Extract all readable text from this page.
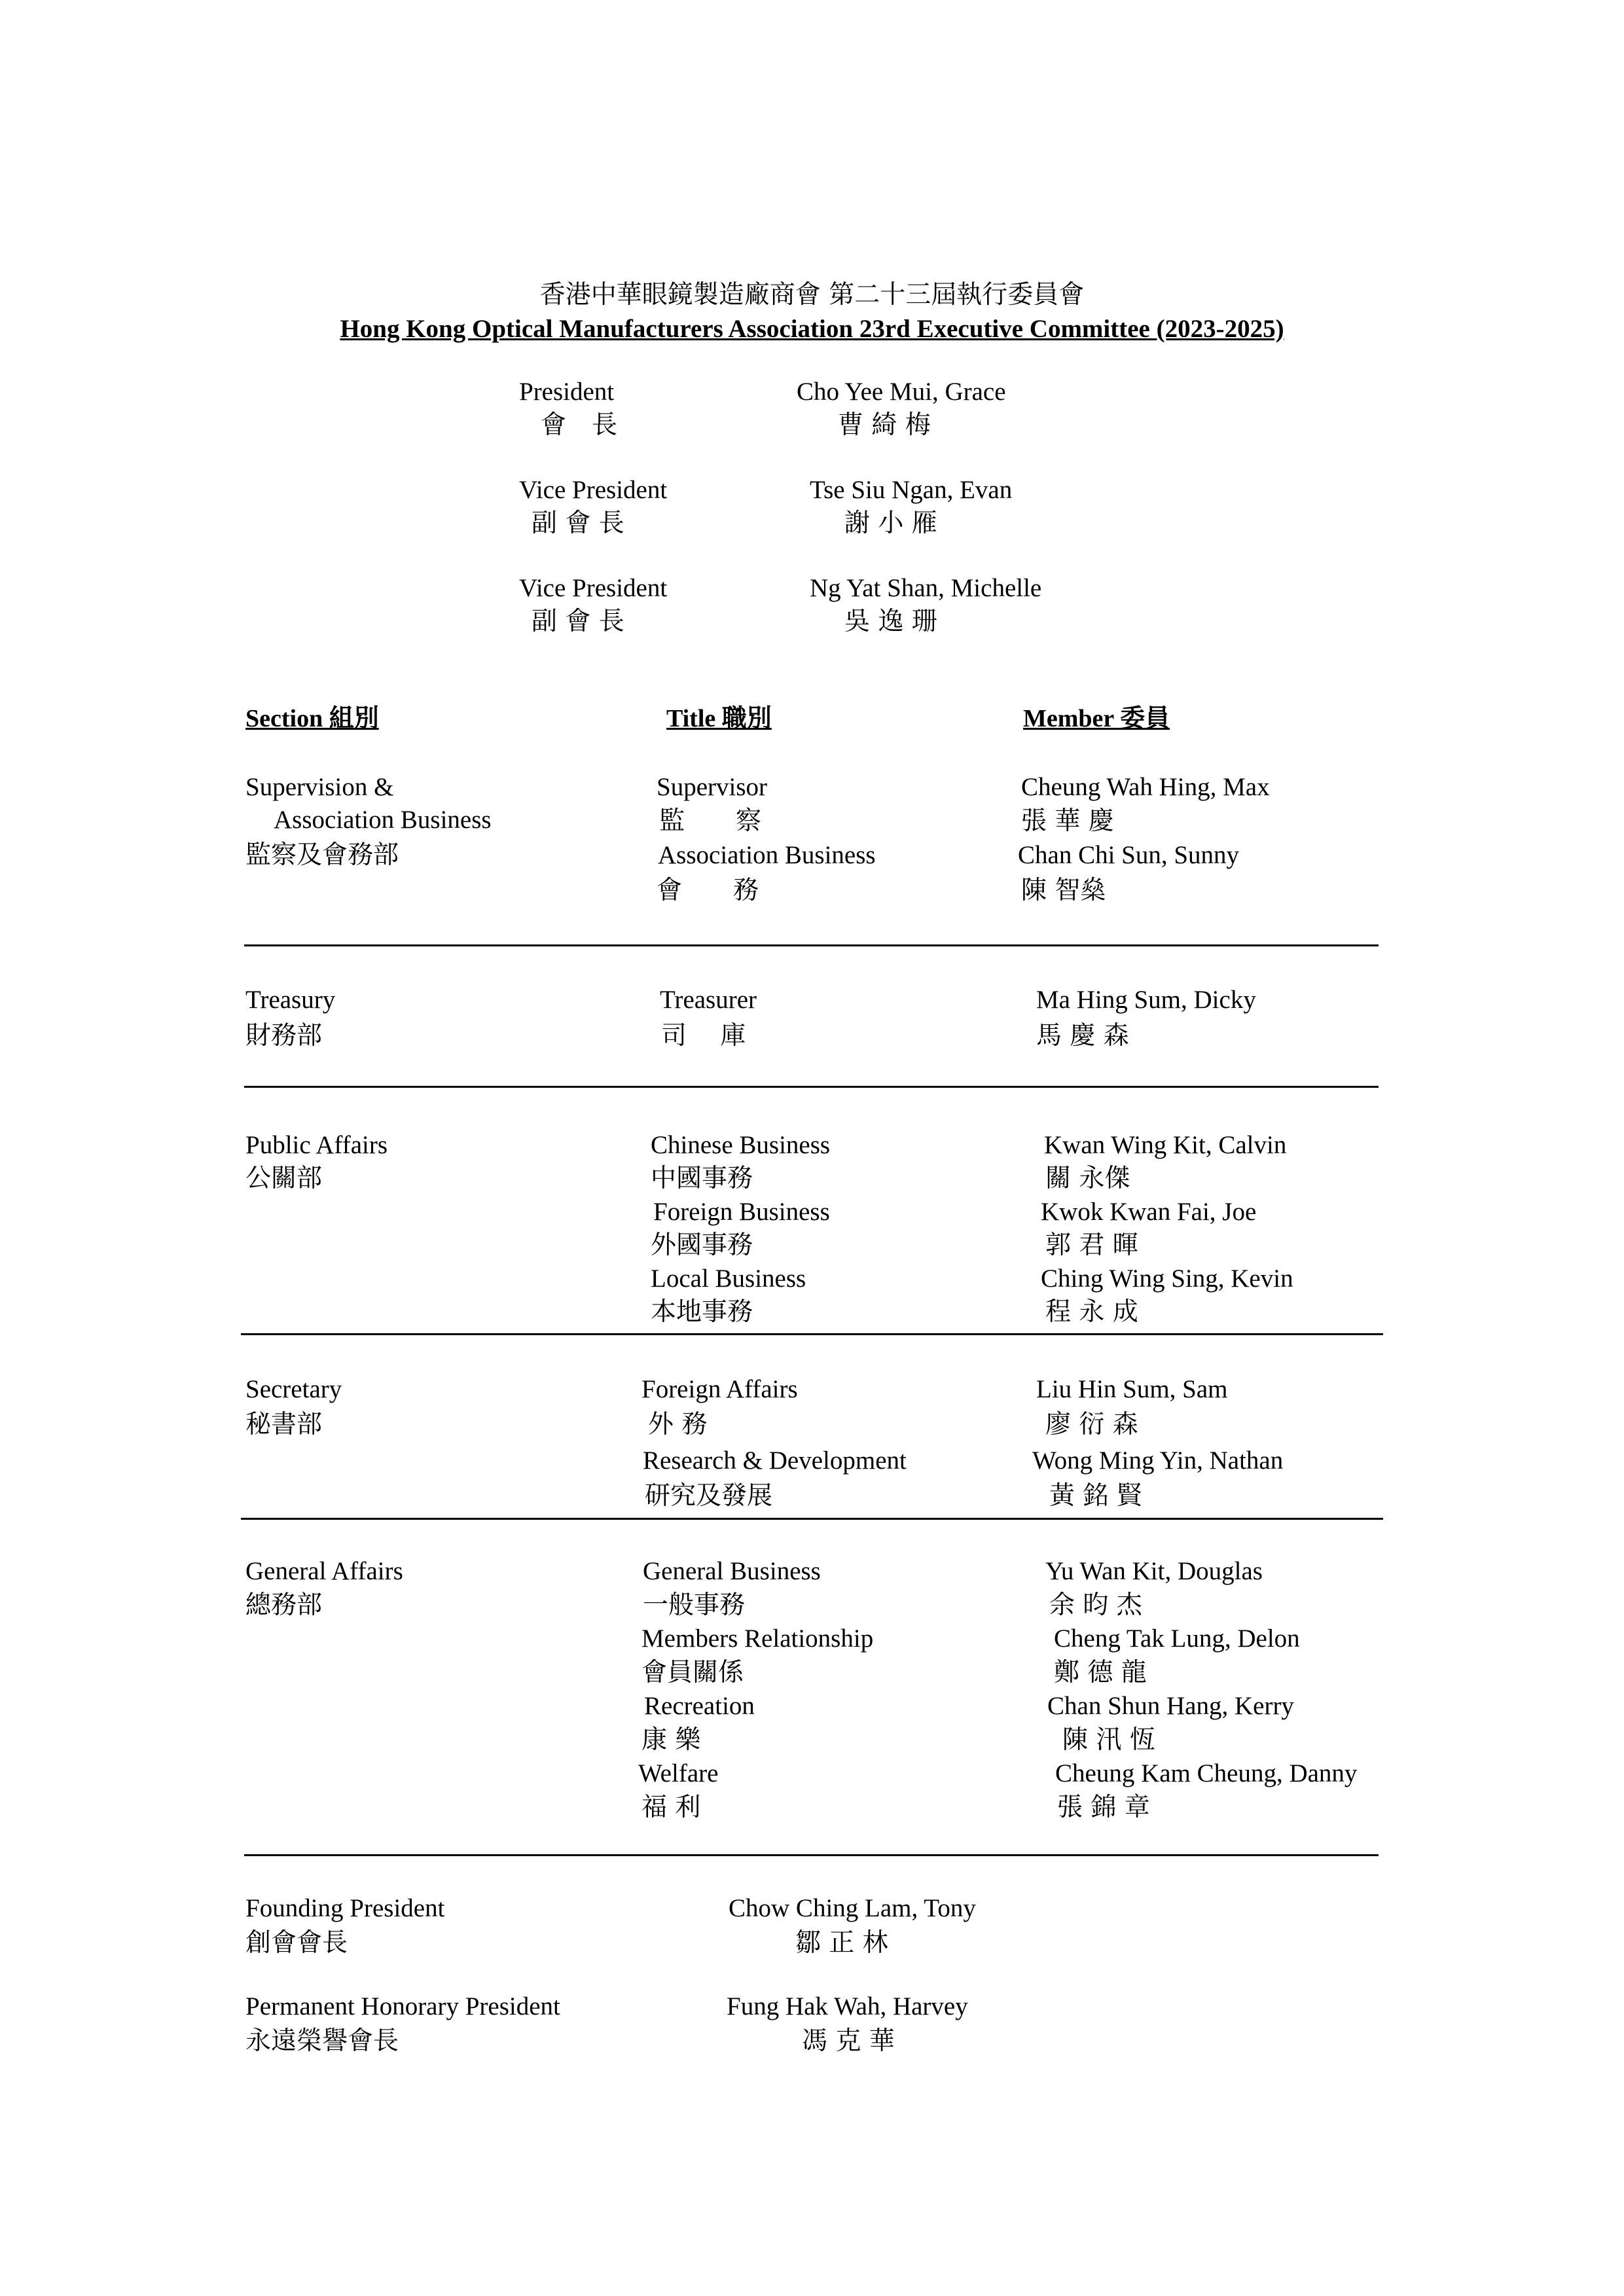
香港中華眼鏡製造廠商會 第二十三屆執行委員會
Hong Kong Optical Manufacturers Association 23rd Executive Committee (2023-2025)
President
會　長
Cho Yee Mui, Grace
曹 綺 梅
Vice President
副 會 長
Tse Siu Ngan, Evan
謝 小 雁
Vice President
副 會 長
Ng Yat Shan, Michelle
吳 逸 珊
Section 組別	Title 職別	Member 委員
Supervision &
Association Business
監察及會務部
Supervisor
監　　察
Cheung Wah Hing, Max
張 華 慶
Association Business
會　　務
Chan Chi Sun, Sunny
陳 智燊
Treasury
財務部
Treasurer
司　 庫
Ma Hing Sum, Dicky
馬 慶 森
Public Affairs
公關部
Chinese Business
中國事務
Kwan Wing Kit, Calvin
關 永傑
Foreign Business
外國事務
Kwok Kwan Fai, Joe
郭 君 暉
Local Business
本地事務
Ching Wing Sing, Kevin
程 永 成
Secretary
秘書部
Foreign Affairs
外 務
Liu Hin Sum, Sam
廖 衍 森
Research & Development
研究及發展
Wong Ming Yin, Nathan
黃 銘 賢
General Affairs
總務部
General Business
一般事務
Yu Wan Kit, Douglas
余 昀 杰
Members Relationship
會員關係
Cheng Tak Lung, Delon
鄭 德 龍
Recreation
康 樂
Chan Shun Hang, Kerry
陳 汛 恆
Welfare
福 利
Cheung Kam Cheung, Danny
張 錦 章
Founding President
創會會長
Chow Ching Lam, Tony
鄒 正 林
Permanent Honorary President
永遠榮譽會長
Fung Hak Wah, Harvey
馮 克 華
